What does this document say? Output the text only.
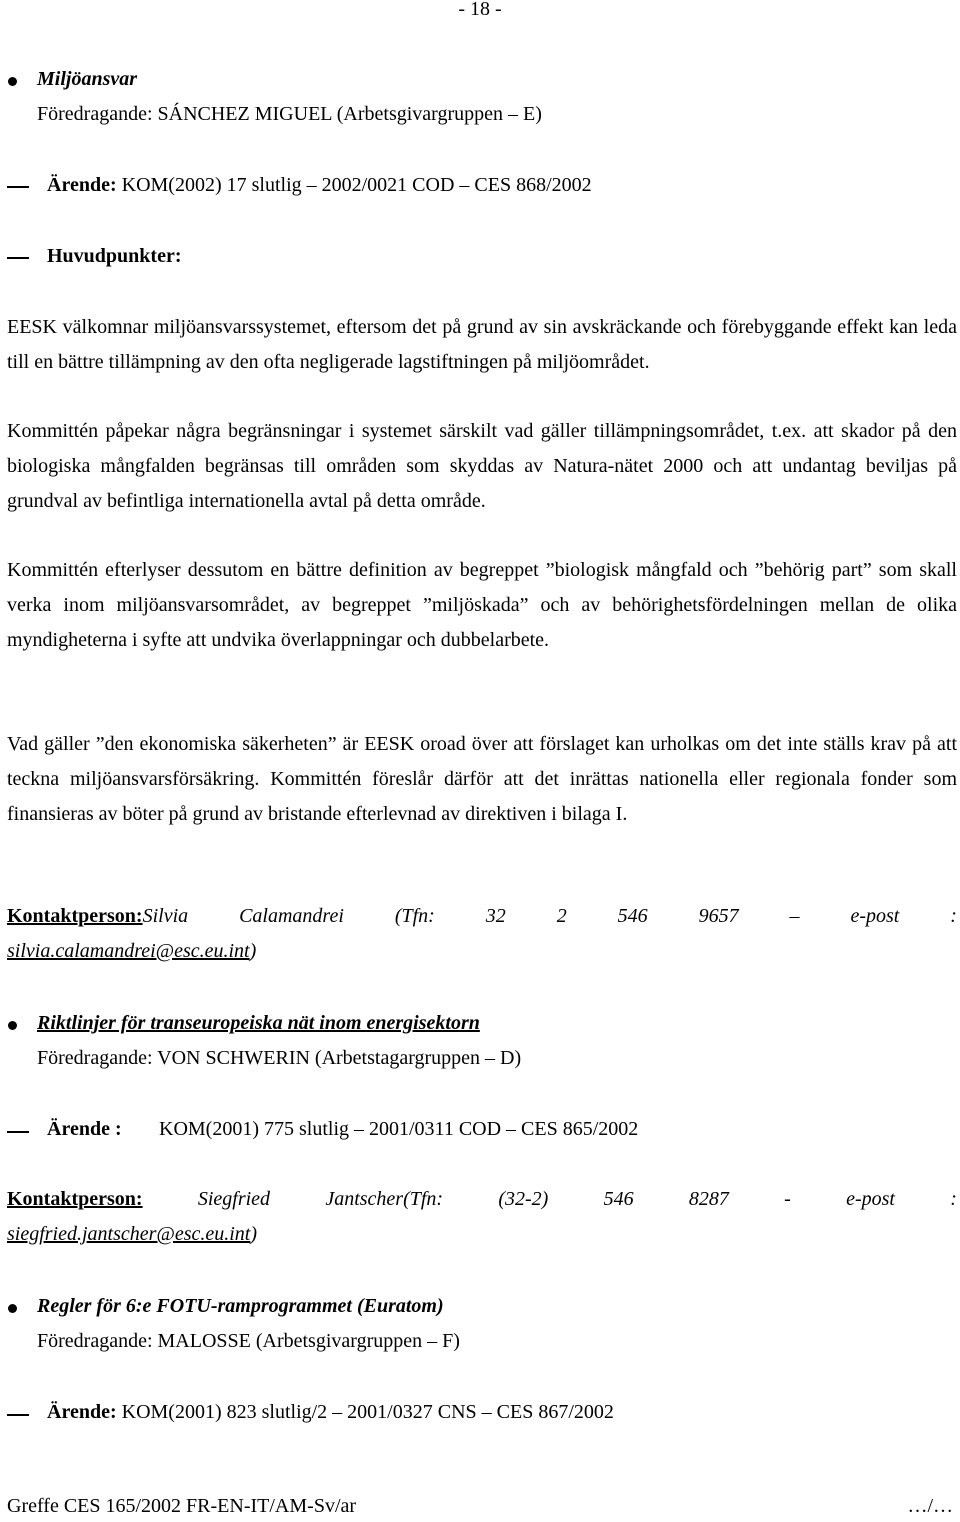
- 18 -
Miljöansvar
Föredragande: SÁNCHEZ MIGUEL (Arbetsgivargruppen – E)
Ärende: KOM(2002) 17 slutlig – 2002/0021 COD – CES 868/2002
Huvudpunkter:
EESK välkomnar miljöansvarssystemet, eftersom det på grund av sin avskräckande och förebyggande effekt kan leda till en bättre tillämpning av den ofta negligerade lagstiftningen på miljöområdet.
Kommittén påpekar några begränsningar i systemet särskilt vad gäller tillämpningsområdet, t.ex. att skador på den biologiska mångfalden begränsas till områden som skyddas av Natura-nätet 2000 och att undantag beviljas på grundval av befintliga internationella avtal på detta område.
Kommittén efterlyser dessutom en bättre definition av begreppet ”biologisk mångfald och ”behörig part” som skall verka inom miljöansvarsområdet, av begreppet ”miljöskada” och av behörighetsfördelningen mellan de olika myndigheterna i syfte att undvika överlappningar och dubbelarbete.
Vad gäller ”den ekonomiska säkerheten” är EESK oroad över att förslaget kan urholkas om det inte ställs krav på att teckna miljöansvarsförsäkring. Kommittén föreslår därför att det inrättas nationella eller regionala fonder som finansieras av böter på grund av bristande efterlevnad av direktiven i bilaga I.
Kontaktperson:Silvia	Calamandrei	(Tfn:	32	2	546	9657	–	e-post	:
silvia.calamandrei@esc.eu.int)
Riktlinjer för transeuropeiska nät inom energisektorn
Föredragande: VON SCHWERIN (Arbetstagargruppen – D)
Ärende : KOM(2001) 775 slutlig – 2001/0311 COD – CES 865/2002
Kontaktperson:	Siegfried	Jantscher(Tfn:	(32-2)	546	8287	-	e-post	:
siegfried.jantscher@esc.eu.int)
Regler för 6:e FOTU-ramprogrammet (Euratom)
Föredragande: MALOSSE (Arbetsgivargruppen – F)
Ärende: KOM(2001) 823 slutlig/2 – 2001/0327 CNS – CES 867/2002
Greffe CES 165/2002 FR-EN-IT/AM-Sv/ar	…/…
